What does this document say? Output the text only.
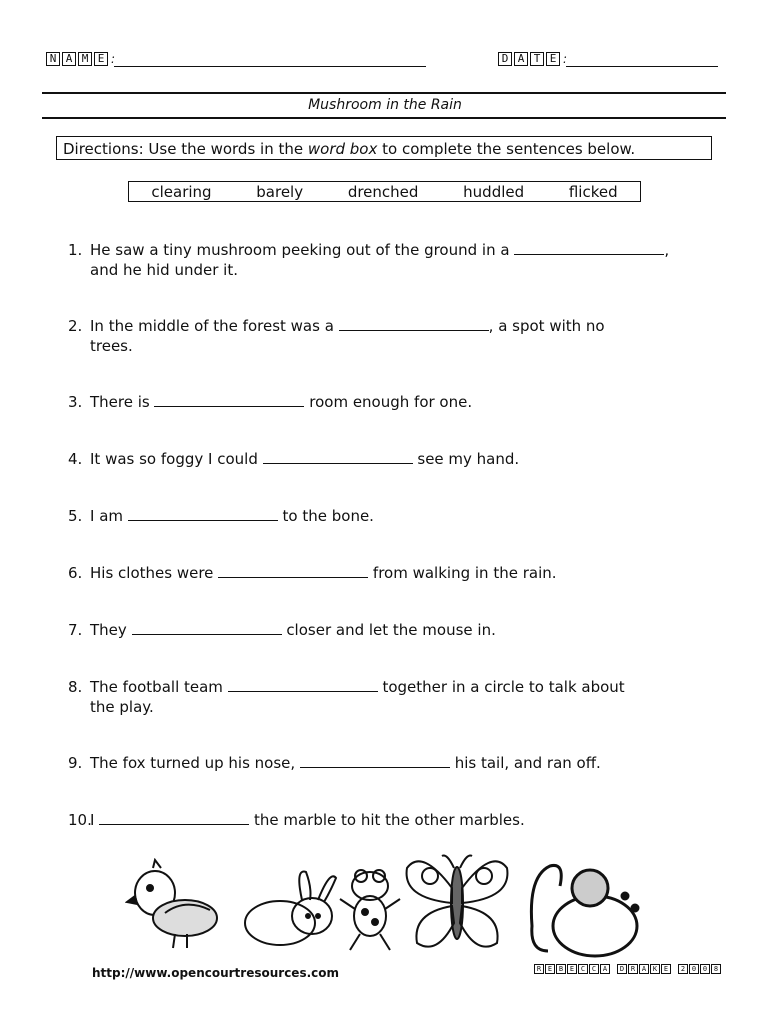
N A M E :	D A T E :
Mushroom in the Rain
Directions: Use the words in the word box to complete the sentences below.
clearing	barely	drenched	huddled	flicked
1. He saw a tiny mushroom peeking out of the ground in a	,
and he hid under it.
2. In the middle of the forest was a	, a spot with no
trees.
3. There is	room enough for one.
4. It was so foggy I could	see my hand.
5. I am	to the bone.
6. His clothes were	from walking in the rain.
7. They	closer and let the mouse in.
8. The football team	together in a circle to talk about
the play.
9. The fox turned up his nose,	his tail, and ran off.
10.I	the marble to hit the other marbles.
http://www.opencourtresources.com	R E B E C C A	D R A K E	2 0 0 8
